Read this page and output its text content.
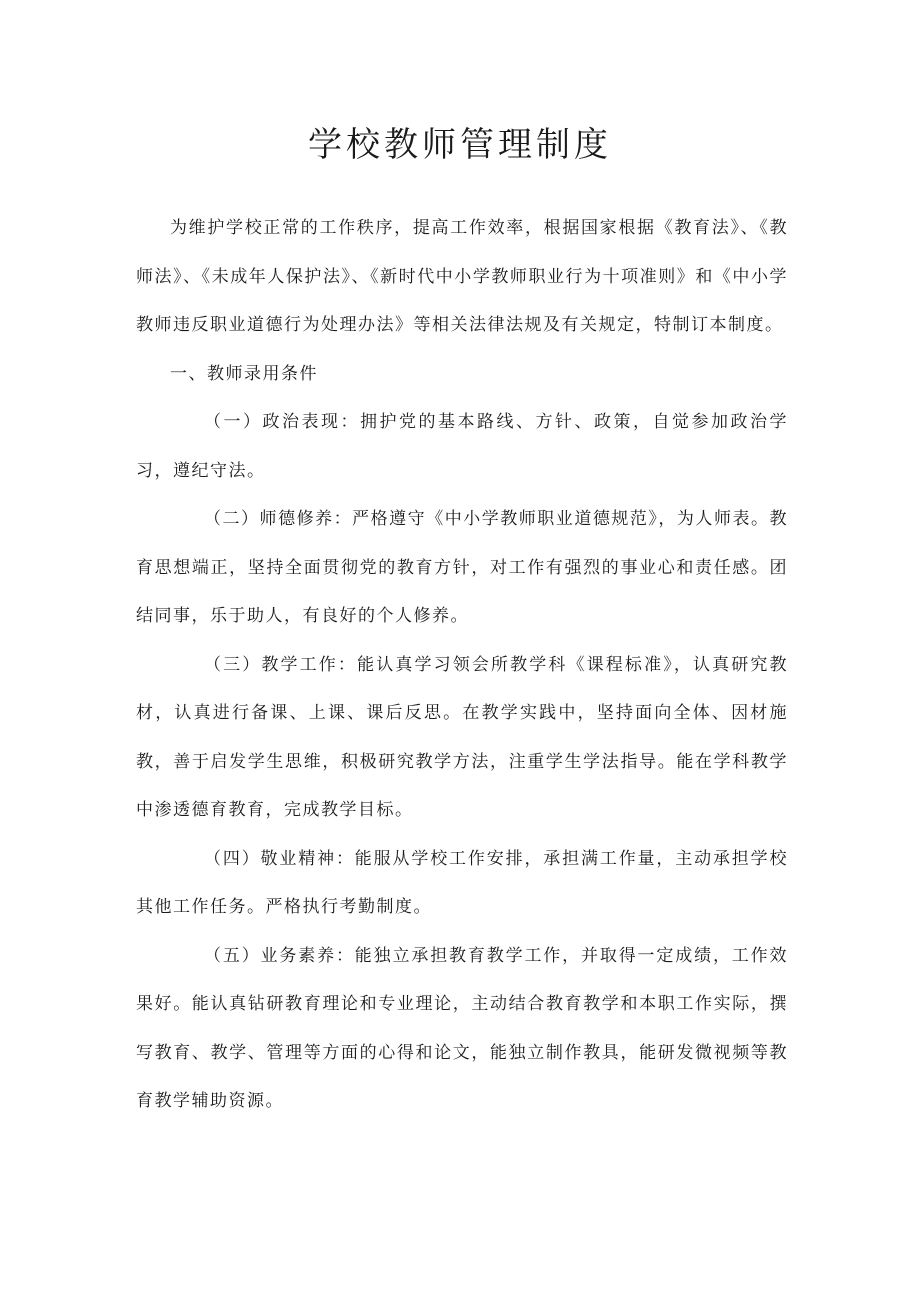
学校教师管理制度

为维护学校正常的工作秩序，提高工作效率，根据国家根据《教育法》、《教师法》、《未成年人保护法》、《新时代中小学教师职业行为十项准则》和《中小学教师违反职业道德行为处理办法》等相关法律法规及有关规定，特制订本制度。

一、教师录用条件

（一）政治表现：拥护党的基本路线、方针、政策，自觉参加政治学习，遵纪守法。

（二）师德修养：严格遵守《中小学教师职业道德规范》，为人师表。教育思想端正，坚持全面贯彻党的教育方针，对工作有强烈的事业心和责任感。团结同事，乐于助人，有良好的个人修养。

（三）教学工作：能认真学习领会所教学科《课程标准》，认真研究教材，认真进行备课、上课、课后反思。在教学实践中，坚持面向全体、因材施教，善于启发学生思维，积极研究教学方法，注重学生学法指导。能在学科教学中渗透德育教育，完成教学目标。

（四）敬业精神：能服从学校工作安排，承担满工作量，主动承担学校其他工作任务。严格执行考勤制度。

（五）业务素养：能独立承担教育教学工作，并取得一定成绩，工作效果好。能认真钻研教育理论和专业理论，主动结合教育教学和本职工作实际，撰写教育、教学、管理等方面的心得和论文，能独立制作教具，能研发微视频等教育教学辅助资源。
